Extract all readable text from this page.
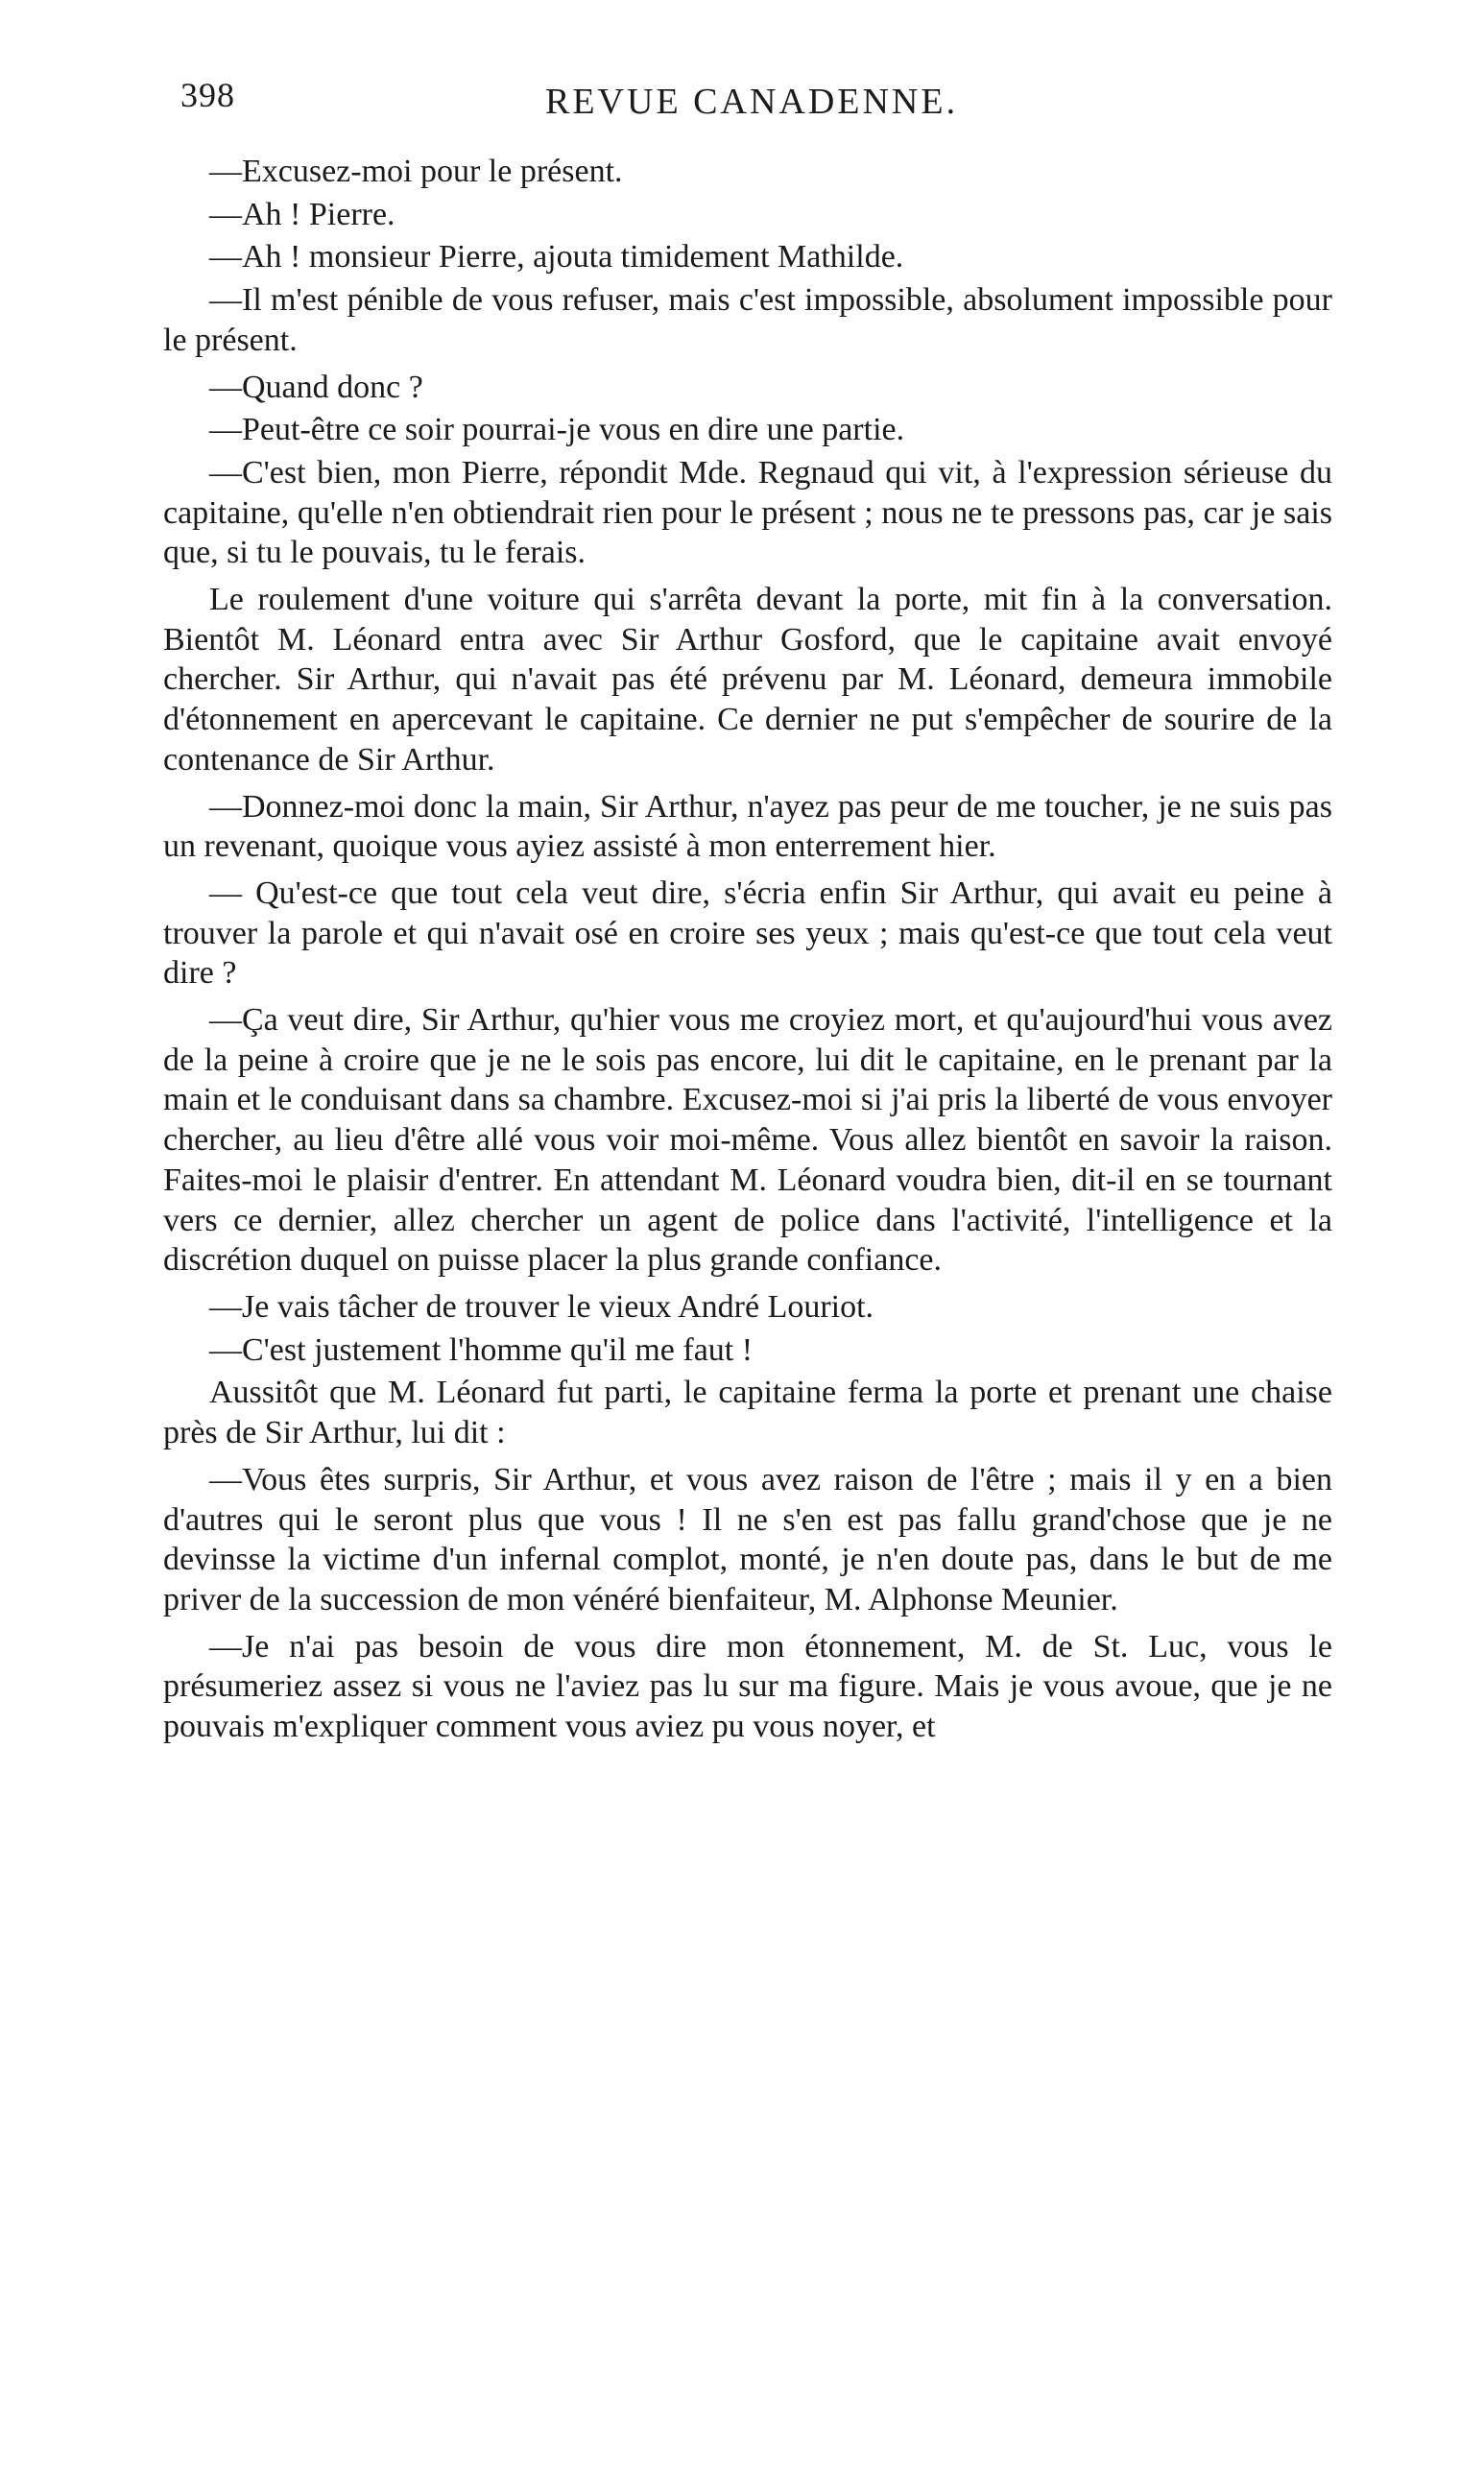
398	REVUE CANADENNE.

—Excusez-moi pour le présent.

—Ah ! Pierre.

—Ah ! monsieur Pierre, ajouta timidement Mathilde.

—Il m'est pénible de vous refuser, mais c'est impossible, absolument impossible pour le présent.

—Quand donc ?

—Peut-être ce soir pourrai-je vous en dire une partie.

—C'est bien, mon Pierre, répondit Mde. Regnaud qui vit, à l'expression sérieuse du capitaine, qu'elle n'en obtiendrait rien pour le présent ; nous ne te pressons pas, car je sais que, si tu le pouvais, tu le ferais.

Le roulement d'une voiture qui s'arrêta devant la porte, mit fin à la conversation. Bientôt M. Léonard entra avec Sir Arthur Gosford, que le capitaine avait envoyé chercher. Sir Arthur, qui n'avait pas été prévenu par M. Léonard, demeura immobile d'étonnement en apercevant le capitaine. Ce dernier ne put s'empêcher de sourire de la contenance de Sir Arthur.

—Donnez-moi donc la main, Sir Arthur, n'ayez pas peur de me toucher, je ne suis pas un revenant, quoique vous ayiez assisté à mon enterrement hier.

— Qu'est-ce que tout cela veut dire, s'écria enfin Sir Arthur, qui avait eu peine à trouver la parole et qui n'avait osé en croire ses yeux ; mais qu'est-ce que tout cela veut dire ?

—Ça veut dire, Sir Arthur, qu'hier vous me croyiez mort, et qu'aujourd'hui vous avez de la peine à croire que je ne le sois pas encore, lui dit le capitaine, en le prenant par la main et le conduisant dans sa chambre. Excusez-moi si j'ai pris la liberté de vous envoyer chercher, au lieu d'être allé vous voir moi-même. Vous allez bientôt en savoir la raison. Faites-moi le plaisir d'entrer. En attendant M. Léonard voudra bien, dit-il en se tournant vers ce dernier, allez chercher un agent de police dans l'activité, l'intelligence et la discrétion duquel on puisse placer la plus grande confiance.

—Je vais tâcher de trouver le vieux André Louriot.

—C'est justement l'homme qu'il me faut !

Aussitôt que M. Léonard fut parti, le capitaine ferma la porte et prenant une chaise près de Sir Arthur, lui dit :

—Vous êtes surpris, Sir Arthur, et vous avez raison de l'être ; mais il y en a bien d'autres qui le seront plus que vous ! Il ne s'en est pas fallu grand'chose que je ne devinsse la victime d'un infernal complot, monté, je n'en doute pas, dans le but de me priver de la succession de mon vénéré bienfaiteur, M. Alphonse Meunier.

—Je n'ai pas besoin de vous dire mon étonnement, M. de St. Luc, vous le présumeriez assez si vous ne l'aviez pas lu sur ma figure. Mais je vous avoue, que je ne pouvais m'expliquer comment vous aviez pu vous noyer, et
